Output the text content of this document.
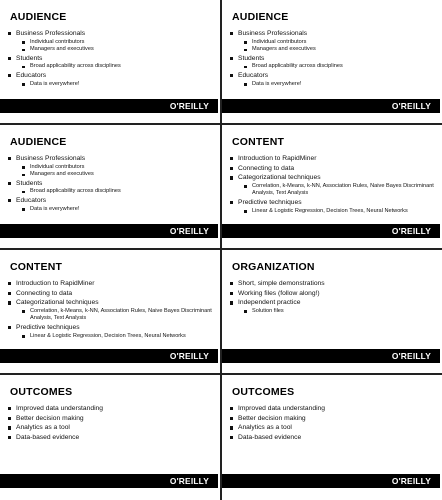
AUDIENCE
Business Professionals
Individual contributors
Managers and executives
Students
Broad applicability across disciplines
Educators
Data is everywhere!
O'REILLY
AUDIENCE
Business Professionals
Individual contributors
Managers and executives
Students
Broad applicability across disciplines
Educators
Data is everywhere!
O'REILLY
AUDIENCE
Business Professionals
Individual contributors
Managers and executives
Students
Broad applicability across disciplines
Educators
Data is everywhere!
O'REILLY
CONTENT
Introduction to RapidMiner
Connecting to data
Categorizational techniques
Correlation, k-Means, k-NN, Association Rules, Naive Bayes Discriminant Analysis, Text Analysis
Predictive techniques
Linear & Logistic Regression, Decision Trees, Neural Networks
O'REILLY
CONTENT
Introduction to RapidMiner
Connecting to data
Categorizational techniques
Correlation, k-Means, k-NN, Association Rules, Naive Bayes Discriminant Analysis, Text Analysis
Predictive techniques
Linear & Logistic Regression, Decision Trees, Neural Networks
O'REILLY
ORGANIZATION
Short, simple demonstrations
Working files (follow along!)
Independent practice
Solution files
O'REILLY
OUTCOMES
Improved data understanding
Better decision making
Analytics as a tool
Data-based evidence
O'REILLY
OUTCOMES
Improved data understanding
Better decision making
Analytics as a tool
Data-based evidence
O'REILLY
